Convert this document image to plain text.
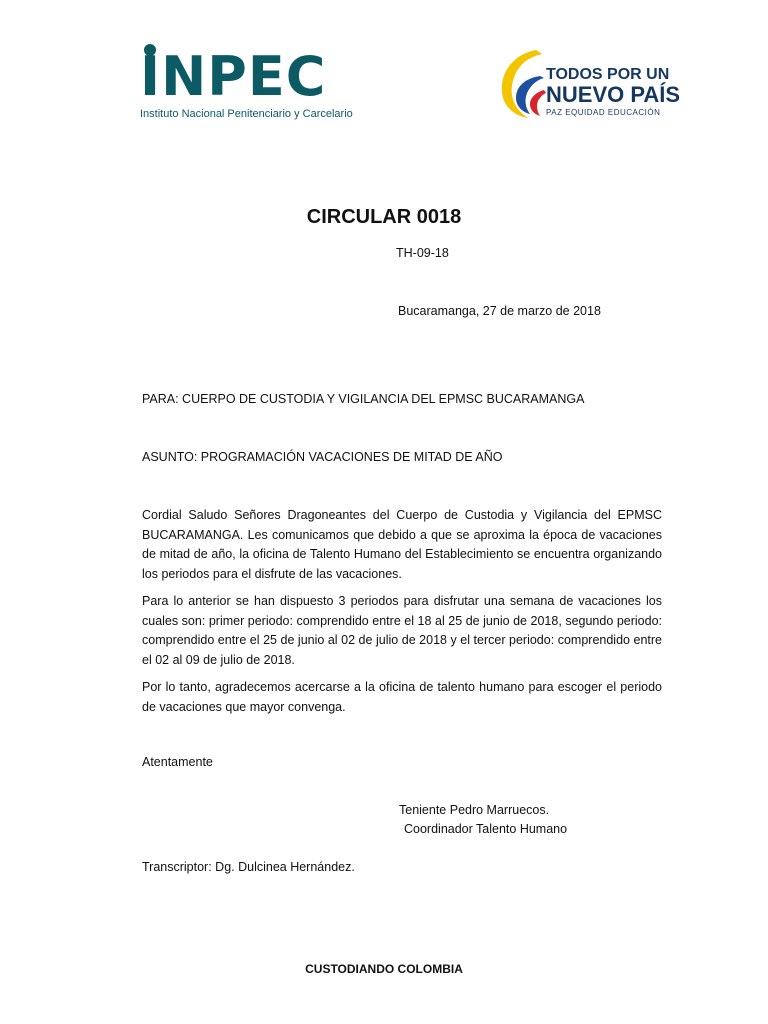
INPEC
Instituto Nacional Penitenciario y Carcelario
TODOS POR UN
NUEVO PAÍS
PAZ EQUIDAD EDUCACIÓN
CIRCULAR 0018
TH-09-18
Bucaramanga, 27 de marzo de 2018
PARA: CUERPO DE CUSTODIA Y VIGILANCIA DEL EPMSC BUCARAMANGA
ASUNTO: PROGRAMACIÓN VACACIONES DE MITAD DE AÑO

Cordial Saludo Señores Dragoneantes del Cuerpo de Custodia y Vigilancia del EPMSC BUCARAMANGA. Les comunicamos que debido a que se aproxima la época de vacaciones de mitad de año, la oficina de Talento Humano del Establecimiento se encuentra organizando los periodos para el disfrute de las vacaciones.

Para lo anterior se han dispuesto 3 periodos para disfrutar una semana de vacaciones los cuales son: primer periodo: comprendido entre el 18 al 25 de junio de 2018, segundo periodo: comprendido entre el 25 de junio al 02 de julio de 2018 y el tercer periodo: comprendido entre el 02 al 09 de julio de 2018.

Por lo tanto, agradecemos acercarse a la oficina de talento humano para escoger el periodo de vacaciones que mayor convenga.

Atentamente
Teniente Pedro Marruecos.
Coordinador Talento Humano
Transcriptor: Dg. Dulcinea Hernández.
CUSTODIANDO COLOMBIA
